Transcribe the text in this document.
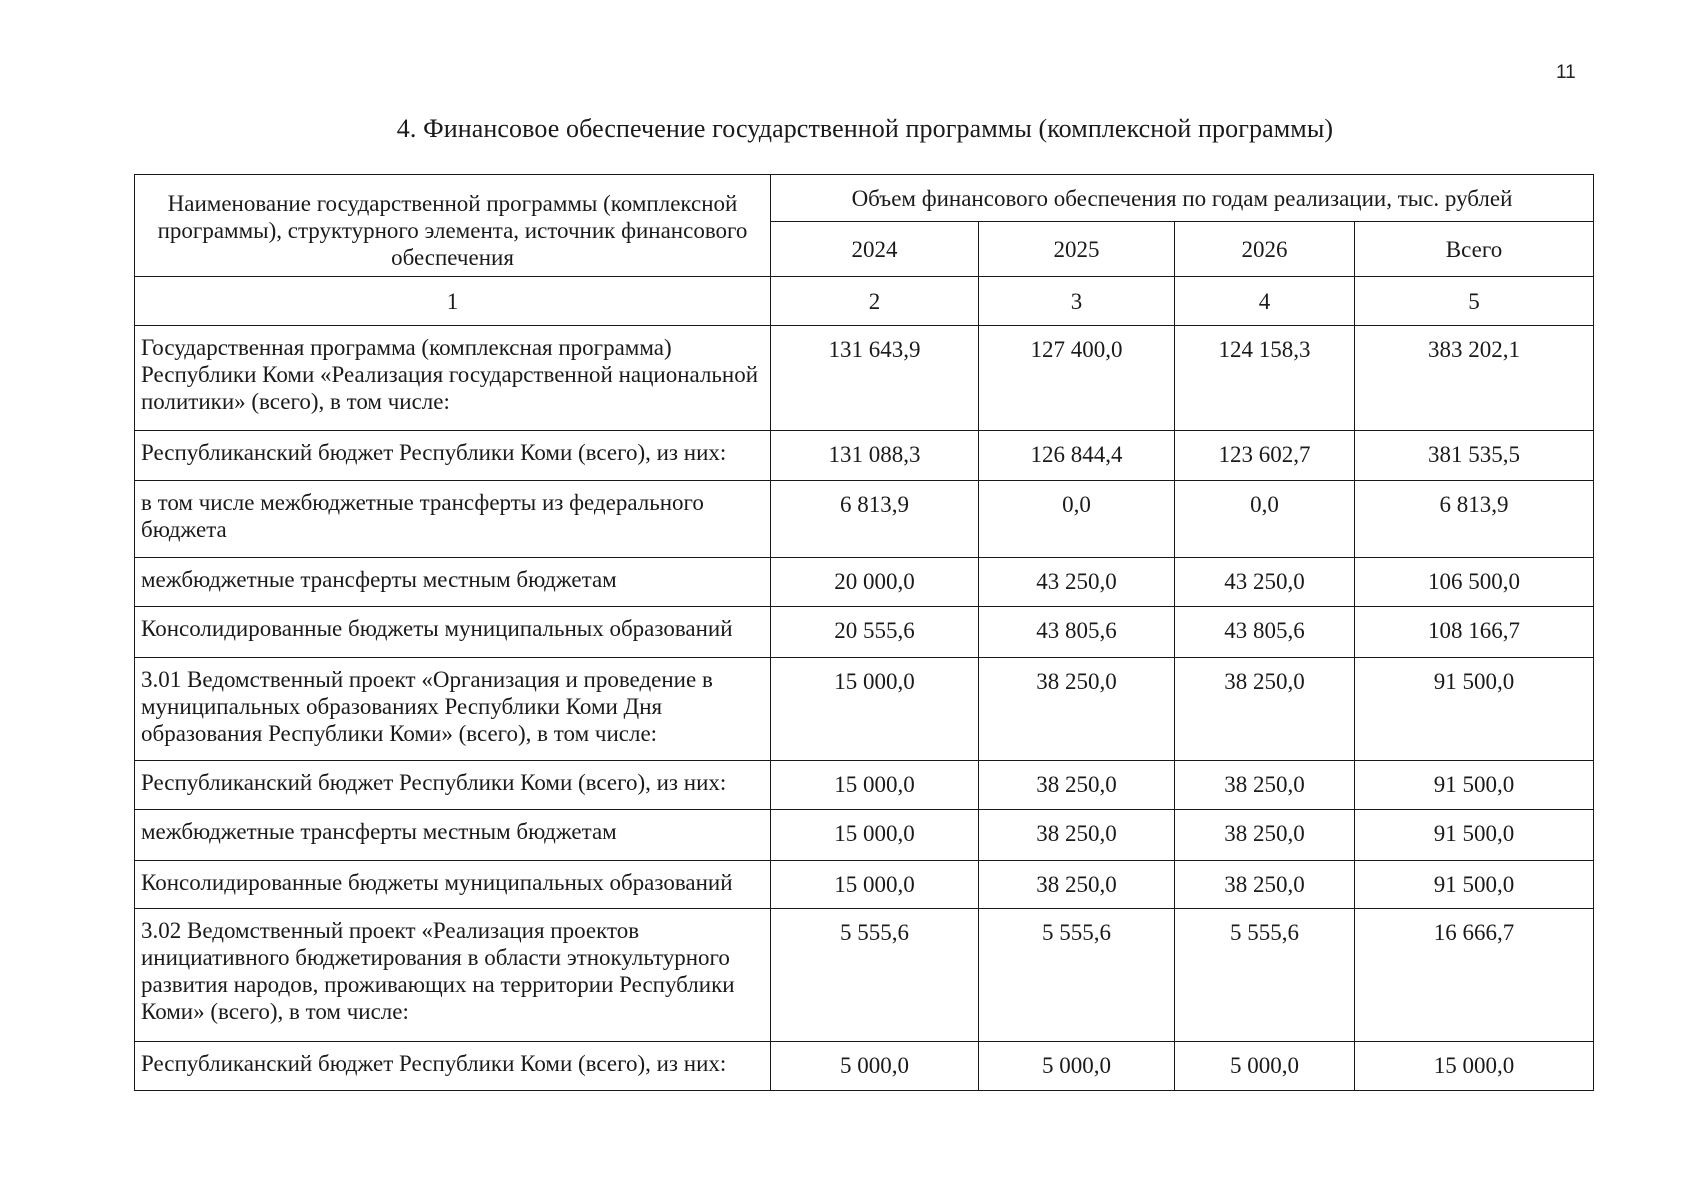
11
4. Финансовое обеспечение государственной программы (комплексной программы)
Наименование государственной программы (комплексной программы), структурного элемента, источник финансового обеспечения	Объем финансового обеспечения по годам реализации, тыс. рублей			
	2024	2025	2026	Всего
1	2	3	4	5
Государственная программа (комплексная программа) Республики Коми «Реализация государственной национальной политики» (всего), в том числе:	131 643,9	127 400,0	124 158,3	383 202,1
Республиканский бюджет Республики Коми (всего), из них:	131 088,3	126 844,4	123 602,7	381 535,5
в том числе межбюджетные трансферты из федерального бюджета	6 813,9	0,0	0,0	6 813,9
межбюджетные трансферты местным бюджетам	20 000,0	43 250,0	43 250,0	106 500,0
Консолидированные бюджеты муниципальных образований	20 555,6	43 805,6	43 805,6	108 166,7
3.01 Ведомственный проект «Организация и проведение в муниципальных образованиях Республики Коми Дня образования Республики Коми» (всего), в том числе:	15 000,0	38 250,0	38 250,0	91 500,0
Республиканский бюджет Республики Коми (всего), из них:	15 000,0	38 250,0	38 250,0	91 500,0
межбюджетные трансферты местным бюджетам	15 000,0	38 250,0	38 250,0	91 500,0
Консолидированные бюджеты муниципальных образований	15 000,0	38 250,0	38 250,0	91 500,0
3.02 Ведомственный проект «Реализация проектов инициативного бюджетирования в области этнокультурного развития народов, проживающих на территории Республики Коми» (всего), в том числе:	5 555,6	5 555,6	5 555,6	16 666,7
Республиканский бюджет Республики Коми (всего), из них:	5 000,0	5 000,0	5 000,0	15 000,0
